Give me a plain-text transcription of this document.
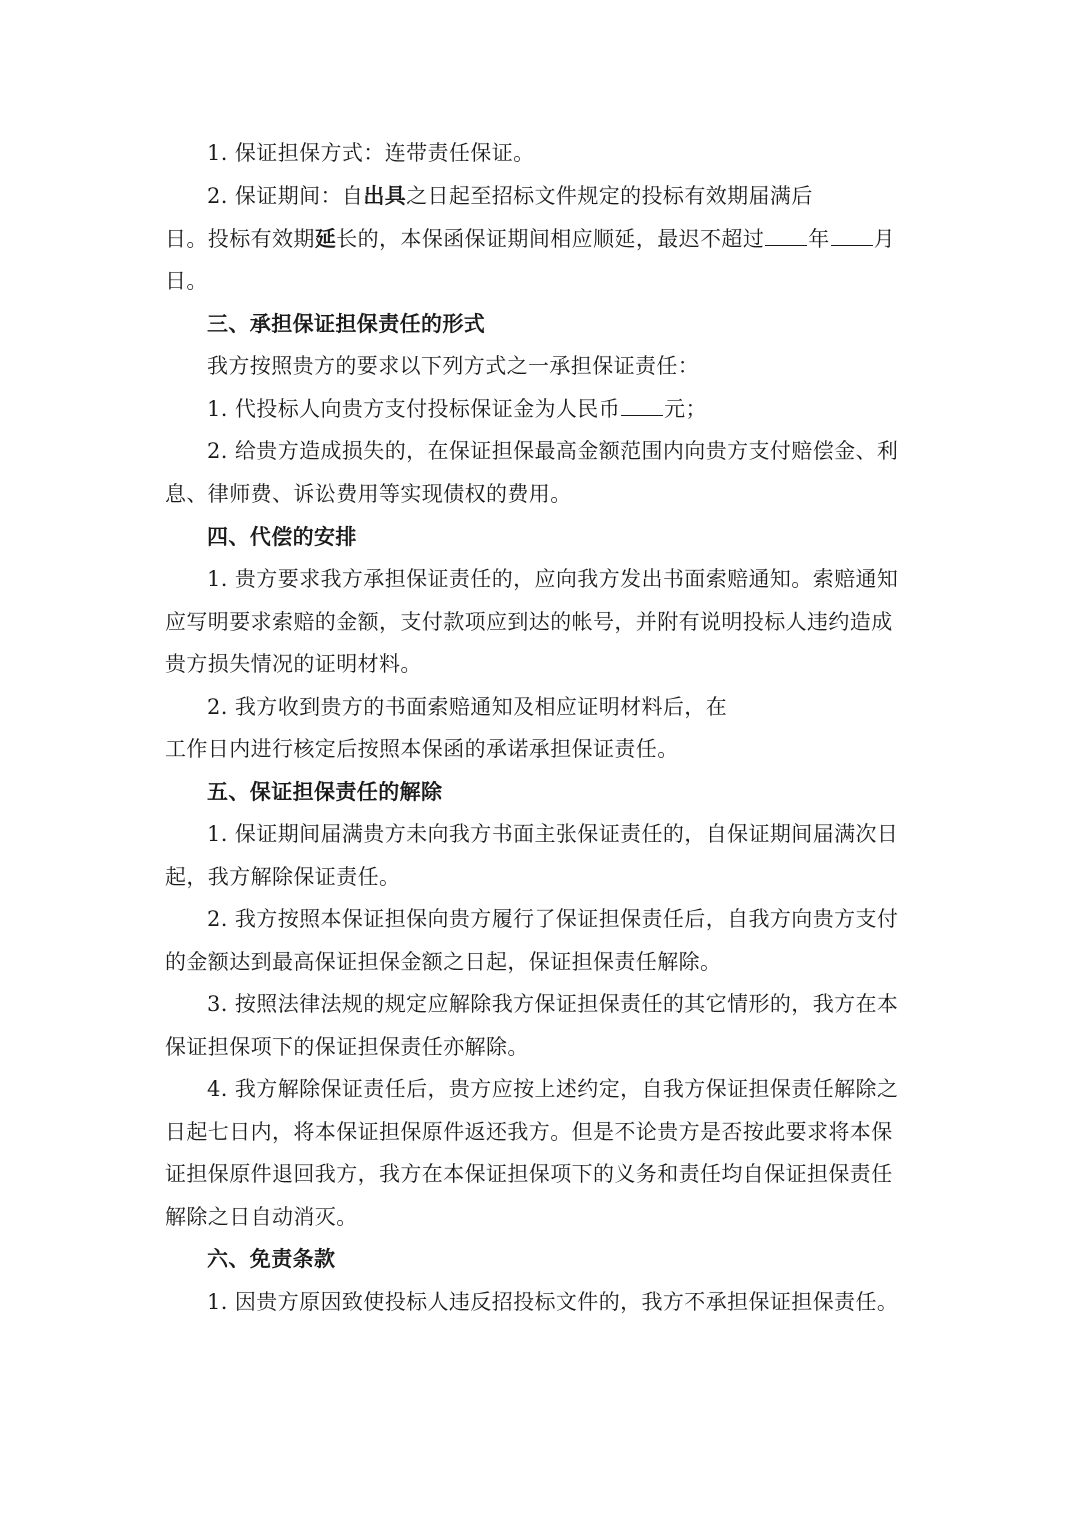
1. 保证担保方式：连带责任保证。
2. 保证期间：自出具之日起至招标文件规定的投标有效期届满后
日。投标有效期延长的，本保函保证期间相应顺延，最迟不超过 年 月
日。
三、承担保证担保责任的形式
我方按照贵方的要求以下列方式之一承担保证责任：
1. 代投标人向贵方支付投标保证金为人民币 元；
2. 给贵方造成损失的，在保证担保最高金额范围内向贵方支付赔偿金、利
息、律师费、诉讼费用等实现债权的费用。
四、代偿的安排
1. 贵方要求我方承担保证责任的，应向我方发出书面索赔通知。索赔通知
应写明要求索赔的金额，支付款项应到达的帐号，并附有说明投标人违约造成
贵方损失情况的证明材料。
2. 我方收到贵方的书面索赔通知及相应证明材料后，在
工作日内进行核定后按照本保函的承诺承担保证责任。
五、保证担保责任的解除
1. 保证期间届满贵方未向我方书面主张保证责任的，自保证期间届满次日
起，我方解除保证责任。
2. 我方按照本保证担保向贵方履行了保证担保责任后，自我方向贵方支付
的金额达到最高保证担保金额之日起，保证担保责任解除。
3. 按照法律法规的规定应解除我方保证担保责任的其它情形的，我方在本
保证担保项下的保证担保责任亦解除。
4. 我方解除保证责任后，贵方应按上述约定，自我方保证担保责任解除之
日起七日内，将本保证担保原件返还我方。但是不论贵方是否按此要求将本保
证担保原件退回我方，我方在本保证担保项下的义务和责任均自保证担保责任
解除之日自动消灭。
六、免责条款
1. 因贵方原因致使投标人违反招投标文件的，我方不承担保证担保责任。
